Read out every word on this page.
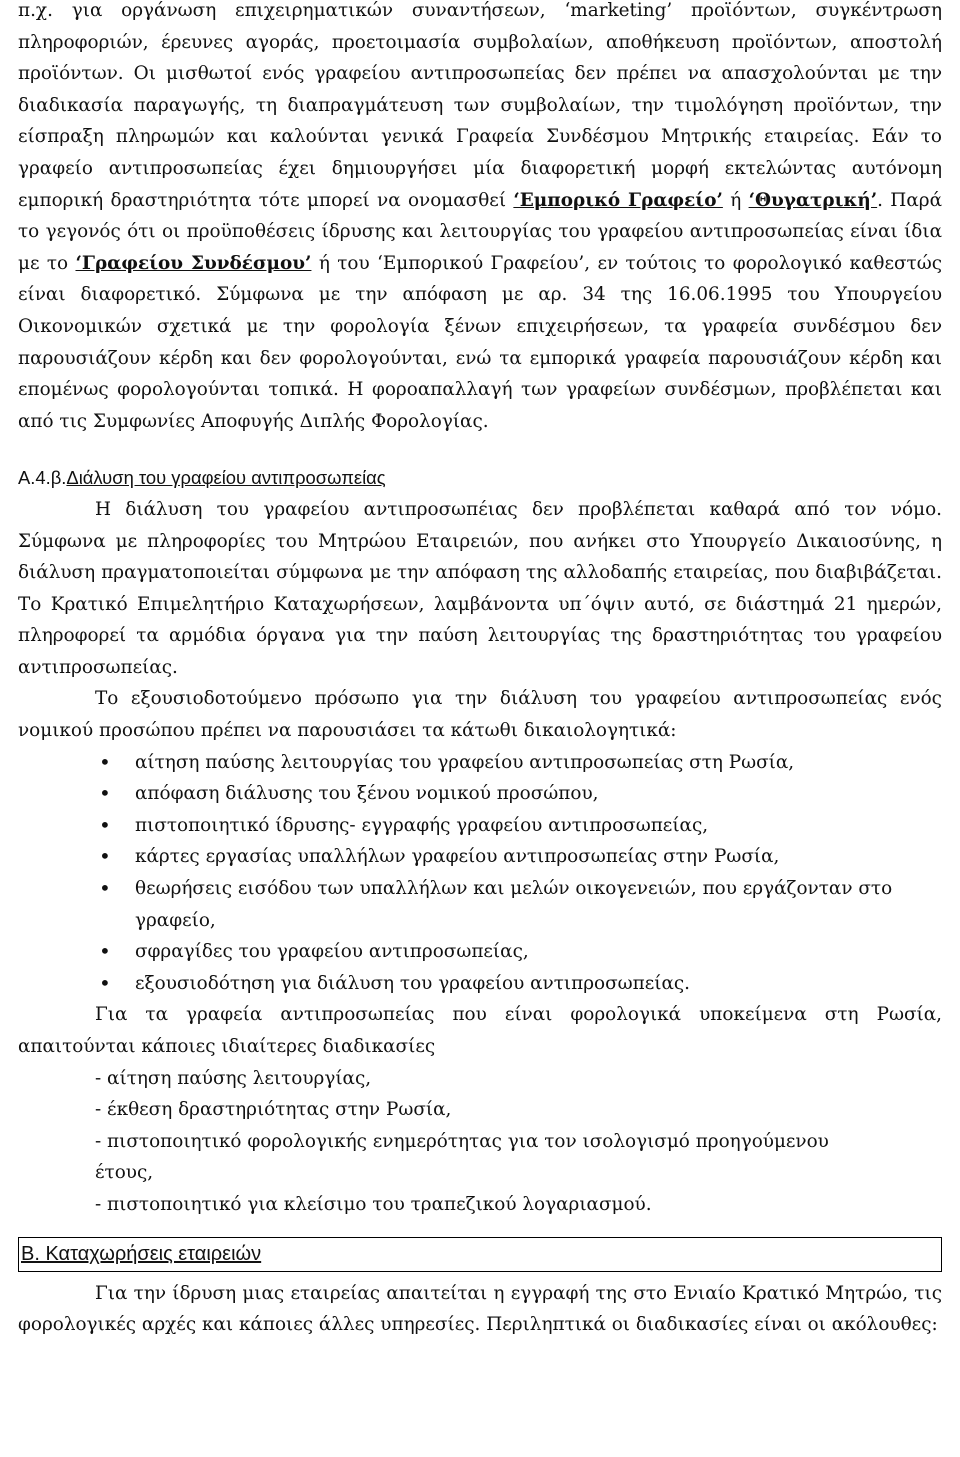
π.χ. για οργάνωση επιχειρηματικών συναντήσεων, ‘marketing’ προϊόντων, συγκέντρωση πληροφοριών, έρευνες αγοράς, προετοιμασία συμβολαίων, αποθήκευση προϊόντων, αποστολή προϊόντων. Οι μισθωτοί ενός γραφείου αντιπροσωπείας δεν πρέπει να απασχολούνται με την διαδικασία παραγωγής, τη διαπραγμάτευση των συμβολαίων, την τιμολόγηση προϊόντων, την είσπραξη πληρωμών και καλούνται γενικά Γραφεία Συνδέσμου Μητρικής εταιρείας. Εάν το γραφείο αντιπροσωπείας έχει δημιουργήσει μία διαφορετική μορφή εκτελώντας αυτόνομη εμπορική δραστηριότητα τότε μπορεί να ονομασθεί ‘Εμπορικό Γραφείο’ ή ‘Θυγατρική’. Παρά το γεγονός ότι οι προϋποθέσεις ίδρυσης και λειτουργίας του γραφείου αντιπροσωπείας είναι ίδια με το ‘Γραφείου Συνδέσμου’ ή του ‘Εμπορικού Γραφείου’, εν τούτοις το φορολογικό καθεστώς είναι διαφορετικό. Σύμφωνα με την απόφαση με αρ. 34 της 16.06.1995 του Υπουργείου Οικονομικών σχετικά με την φορολογία ξένων επιχειρήσεων, τα γραφεία συνδέσμου δεν παρουσιάζουν κέρδη και δεν φορολογούνται, ενώ τα εμπορικά γραφεία παρουσιάζουν κέρδη και επομένως φορολογούνται τοπικά. Η φοροαπαλλαγή των γραφείων συνδέσμων, προβλέπεται και από τις Συμφωνίες Αποφυγής Διπλής Φορολογίας.

Α.4.β.Διάλυση του γραφείου αντιπροσωπείας

Η διάλυση του γραφείου αντιπροσωπέιας δεν προβλέπεται καθαρά από τον νόμο. Σύμφωνα με πληροφορίες του Μητρώου Εταιρειών, που ανήκει στο Υπουργείο Δικαιοσύνης, η διάλυση πραγματοποιείται σύμφωνα με την απόφαση της αλλοδαπής εταιρείας, που διαβιβάζεται. Το Κρατικό Επιμελητήριο Καταχωρήσεων, λαμβάνοντα υπ΄όψιν αυτό, σε διάστημά 21 ημερών, πληροφορεί τα αρμόδια όργανα για την παύση λειτουργίας της δραστηριότητας του γραφείου αντιπροσωπείας.

Το εξουσιοδοτούμενο πρόσωπο για την διάλυση του γραφείου αντιπροσωπείας ενός νομικού προσώπου πρέπει να παρουσιάσει τα κάτωθι δικαιολογητικά:

• αίτηση παύσης λειτουργίας του γραφείου αντιπροσωπείας στη Ρωσία,
• απόφαση διάλυσης του ξένου νομικού προσώπου,
• πιστοποιητικό ίδρυσης- εγγραφής γραφείου αντιπροσωπείας,
• κάρτες εργασίας υπαλλήλων γραφείου αντιπροσωπείας στην Ρωσία,
• θεωρήσεις εισόδου των υπαλλήλων και μελών οικογενειών, που εργάζονταν στο γραφείο,
• σφραγίδες του γραφείου αντιπροσωπείας,
• εξουσιοδότηση για διάλυση του γραφείου αντιπροσωπείας.

Για τα γραφεία αντιπροσωπείας που είναι φορολογικά υποκείμενα στη Ρωσία, απαιτούνται κάποιες ιδιαίτερες διαδικασίες

- αίτηση παύσης λειτουργίας,

- έκθεση δραστηριότητας στην Ρωσία,

- πιστοποιητικό φορολογικής ενημερότητας για τον ισολογισμό προηγούμενου

έτους,

- πιστοποιητικό για κλείσιμο του τραπεζικού λογαριασμού.

Β. Καταχωρήσεις εταιρειών

Για την ίδρυση μιας εταιρείας απαιτείται η εγγραφή της στο Ενιαίο Κρατικό Μητρώο, τις φορολογικές αρχές και κάποιες άλλες υπηρεσίες. Περιληπτικά οι διαδικασίες είναι οι ακόλουθες:
